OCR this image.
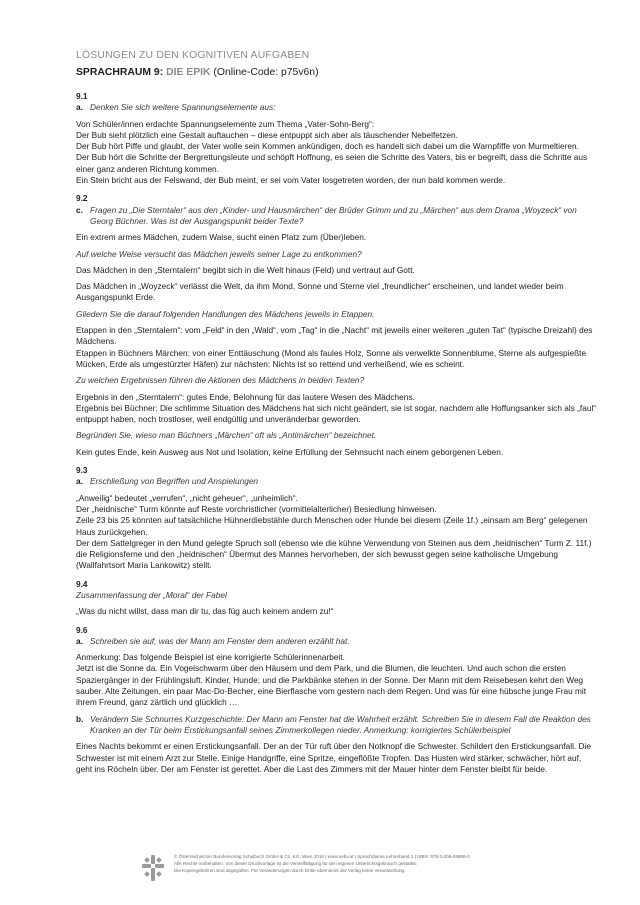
LÖSUNGEN ZU DEN KOGNITIVEN AUFGABEN
SPRACHRAUM 9: DIE EPIK (Online-Code: p75v6n)

9.1

a. Denken Sie sich weitere Spannungselemente aus:

Von Schüler/innen erdachte Spannungselemente zum Thema „Vater-Sohn-Berg“:

Der Bub sieht plötzlich eine Gestalt auftauchen – diese entpuppt sich aber als täuschender Nebelfetzen.

Der Bub hört Piffe und glaubt, der Vater wolle sein Kommen ankündigen, doch es handelt sich dabei um die Warnpfiffe von Murmeltieren.

Der Bub hört die Schritte der Bergrettungsleute und schöpft Hoffnung, es seien die Schritte des Vaters, bis er begreift, dass die Schritte aus einer ganz anderen Richtung kommen.

Ein Stein bricht aus der Felswand, der Bub meint, er sei vom Vater losgetreten worden, der nun bald kommen werde.

9.2

c. Fragen zu „Die Sterntaler“ aus den „Kinder- und Hausmärchen“ der Brüder Grimm und zu „Märchen“ aus dem Drama „Woyzeck“ von Georg Büchner. Was ist der Ausgangspunkt beider Texte?

Ein extrem armes Mädchen, zudem Waise, sucht einen Platz zum (Über)leben.

Auf welche Weise versucht das Mädchen jeweils seiner Lage zu entkommen?

Das Mädchen in den „Sterntalern“ begibt sich in die Welt hinaus (Feld) und vertraut auf Gott.

Das Mädchen in „Woyzeck“ verlässt die Welt, da ihm Mond, Sonne und Sterne viel „freundlicher“ erscheinen, und landet wieder beim Ausgangspunkt Erde.

Gliedern Sie die darauf folgenden Handlungen des Mädchens jeweils in Etappen.

Etappen in den „Sterntalern“: vom „Feld“ in den „Wald“, vom „Tag“ in die „Nacht“ mit jeweils einer weiteren „guten Tat“ (typische Dreizahl) des Mädchens.

Etappen in Büchners Märchen: von einer Enttäuschung (Mond als faules Holz, Sonne als verwelkte Sonnenblume, Sterne als aufgespießte Mücken, Erde als umgestürzter Häfen) zur nächsten: Nichts ist so rettend und verheißend, wie es scheint.

Zu welchen Ergebnissen führen die Aktionen des Mädchens in beiden Texten?

Ergebnis in den „Sterntalern“: gutes Ende, Belohnung für das lautere Wesen des Mädchens.

Ergebnis bei Büchner: Die schlimme Situation des Mädchens hat sich nicht geändert, sie ist sogar, nachdem alle Hoffungsanker sich als „faul“ entpuppt haben, noch trostloser, weil endgültig und unveränderbar geworden.

Begründen Sie, wieso man Büchners „Märchen“ oft als „Antimärchen“ bezeichnet.

Kein gutes Ende, kein Ausweg aus Not und Isolation, keine Erfüllung der Sehnsucht nach einem geborgenen Leben.

9.3

a. Erschließung von Begriffen und Anspielungen

„Anweilig“ bedeutet „verrufen“, „nicht geheuer“, „unheimlich“.

Der „heidnische“ Turm könnte auf Reste vorchristlicher (vormittelalterlicher) Besiedlung hinweisen.

Zeile 23 bis 25 könnten auf tatsächliche Hühnerdiebstähle durch Menschen oder Hunde bei diesem (Zeile 1f.) „einsam am Berg“ gelegenen Haus zurückgehen.

Der dem Sattelgreger in den Mund gelegte Spruch soll (ebenso wie die kühne Verwendung von Steinen aus dem „heidnischen“ Turm Z. 11f.) die Religionsferne und den „heidnischen“ Übermut des Mannes hervorheben, der sich bewusst gegen seine katholische Umgebung (Wallfahrtsort Maria Lankowitz) stellt.

9.4

Zusammenfassung der „Moral“ der Fabel

„Was du nicht willst, dass man dir tu, das füg auch keinem andern zu!“

9.6

a. Schreiben sie auf, was der Mann am Fenster dem anderen erzählt hat.

Anmerkung: Das folgende Beispiel ist eine korrigierte Schülerinnenarbeit.

Jetzt ist die Sonne da. Ein Vogelschwarm über den Häusern und dem Park, und die Blumen, die leuchten. Und auch schon die ersten Spaziergänger in der Frühlingsluft. Kinder, Hunde; und die Parkbänke stehen in der Sonne. Der Mann mit dem Reisebesen kehrt den Weg sauber. Alte Zeitungen, ein paar Mac-Do-Becher, eine Bierflasche vom gestern nach dem Regen. Und was für eine hübsche junge Frau mit ihrem Freund, ganz zärtlich und glücklich …

b. Verändern Sie Schnurres Kurzgeschichte: Der Mann am Fenster hat die Wahrheit erzählt. Schreiben Sie in diesem Fall die Reaktion des Kranken an der Tür beim Erstickungsanfall seines Zimmerkollegen nieder. Anmerkung: korrigiertes Schülerbeispiel

Eines Nachts bekommt er einen Erstickungsanfall. Der an der Tür ruft über den Notknopf die Schwester. Schildert den Erstickungsanfall. Die Schwester ist mit einem Arzt zur Stelle. Einige Handgriffe, eine Spritze, eingeflößte Tropfen. Das Husten wird stärker, schwächer, hört auf, geht ins Röcheln über. Der am Fenster ist gerettet. Aber die Last des Zimmers mit der Mauer hinter dem Fenster bleibt für beide.

© Österreichischer Bundesverlag Schulbuch GmbH & Co. KG, Wien 2016 | www.oebv.at | Sprachräume Lehrerband 1 | ISBN: 978-3-209-08868-0
Alle Rechte vorbehalten. Von dieser Druckvorlage ist die Vervielfältigung für den eigenen Unterrichtsgebrauch gestattet.
Die Kopiergebühren sind abgegolten. Für Veränderungen durch Dritte übernimmt der Verlag keine Verantwortung.
